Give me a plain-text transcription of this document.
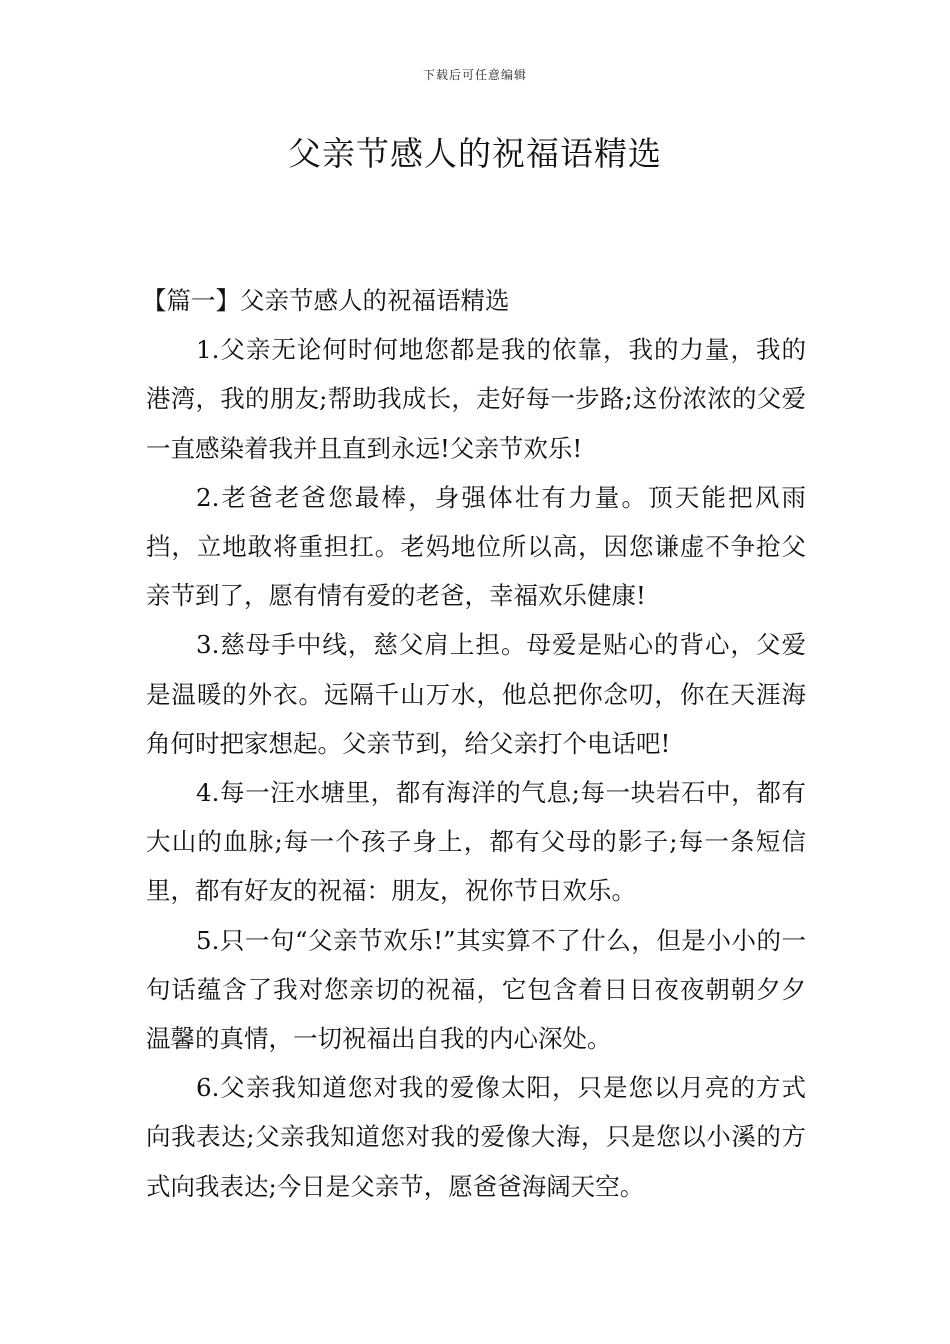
下载后可任意编辑
父亲节感人的祝福语精选

【篇一】父亲节感人的祝福语精选

1.父亲无论何时何地您都是我的依靠，我的力量，我的港湾，我的朋友;帮助我成长，走好每一步路;这份浓浓的父爱一直感染着我并且直到永远!父亲节欢乐!

2.老爸老爸您最棒，身强体壮有力量。顶天能把风雨挡，立地敢将重担扛。老妈地位所以高，因您谦虚不争抢父亲节到了，愿有情有爱的老爸，幸福欢乐健康!

3.慈母手中线，慈父肩上担。母爱是贴心的背心，父爱是温暖的外衣。远隔千山万水，他总把你念叨，你在天涯海角何时把家想起。父亲节到，给父亲打个电话吧!

4.每一汪水塘里，都有海洋的气息;每一块岩石中，都有大山的血脉;每一个孩子身上，都有父母的影子;每一条短信里，都有好友的祝福：朋友，祝你节日欢乐。

5.只一句“父亲节欢乐!”其实算不了什么，但是小小的一句话蕴含了我对您亲切的祝福，它包含着日日夜夜朝朝夕夕温馨的真情，一切祝福出自我的内心深处。

6.父亲我知道您对我的爱像太阳，只是您以月亮的方式向我表达;父亲我知道您对我的爱像大海，只是您以小溪的方式向我表达;今日是父亲节，愿爸爸海阔天空。
